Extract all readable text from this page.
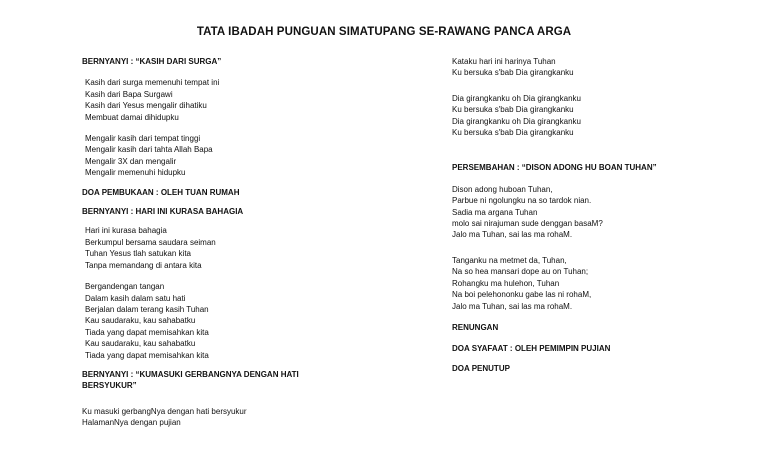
TATA IBADAH PUNGUAN SIMATUPANG SE-RAWANG PANCA ARGA
BERNYANYI : “KASIH DARI SURGA”
Kasih dari surga memenuhi tempat ini
Kasih dari Bapa Surgawi
Kasih dari Yesus mengalir dihatiku
Membuat damai dihidupku
Mengalir kasih dari tempat tinggi
Mengalir kasih dari tahta Allah Bapa
Mengalir 3X dan mengalir
Mengalir memenuhi hidupku
DOA PEMBUKAAN : OLEH TUAN RUMAH
BERNYANYI : HARI INI KURASA BAHAGIA
Hari ini kurasa bahagia
Berkumpul bersama saudara seiman
Tuhan Yesus tlah satukan kita
Tanpa memandang di antara kita
Bergandengan tangan
Dalam kasih dalam satu hati
Berjalan dalam terang kasih Tuhan
Kau saudaraku, kau sahabatku
Tiada yang dapat memisahkan kita
Kau saudaraku, kau sahabatku
Tiada yang dapat memisahkan kita
BERNYANYI : “KUMASUKI GERBANGNYA DENGAN HATI
BERSYUKUR”
Ku masuki gerbangNya dengan hati bersyukur
HalamanNya dengan pujian
Kataku hari ini harinya Tuhan
Ku bersuka s'bab Dia girangkanku
Dia girangkanku oh Dia girangkanku
Ku bersuka s'bab Dia girangkanku
Dia girangkanku oh Dia girangkanku
Ku bersuka s'bab Dia girangkanku
PERSEMBAHAN : “DISON ADONG HU BOAN TUHAN”
Dison adong huboan Tuhan,
Parbue ni ngolungku na so tardok nian.
Sadia ma argana Tuhan
molo sai nirajuman sude denggan basaM?
Jalo ma Tuhan, sai las ma rohaM.
Tanganku na metmet da, Tuhan,
Na so hea mansari dope au on Tuhan;
Rohangku ma hulehon, Tuhan
Na boi pelehononku gabe las ni rohaM,
Jalo ma Tuhan, sai las ma rohaM.
RENUNGAN
DOA SYAFAAT : OLEH PEMIMPIN PUJIAN
DOA PENUTUP
